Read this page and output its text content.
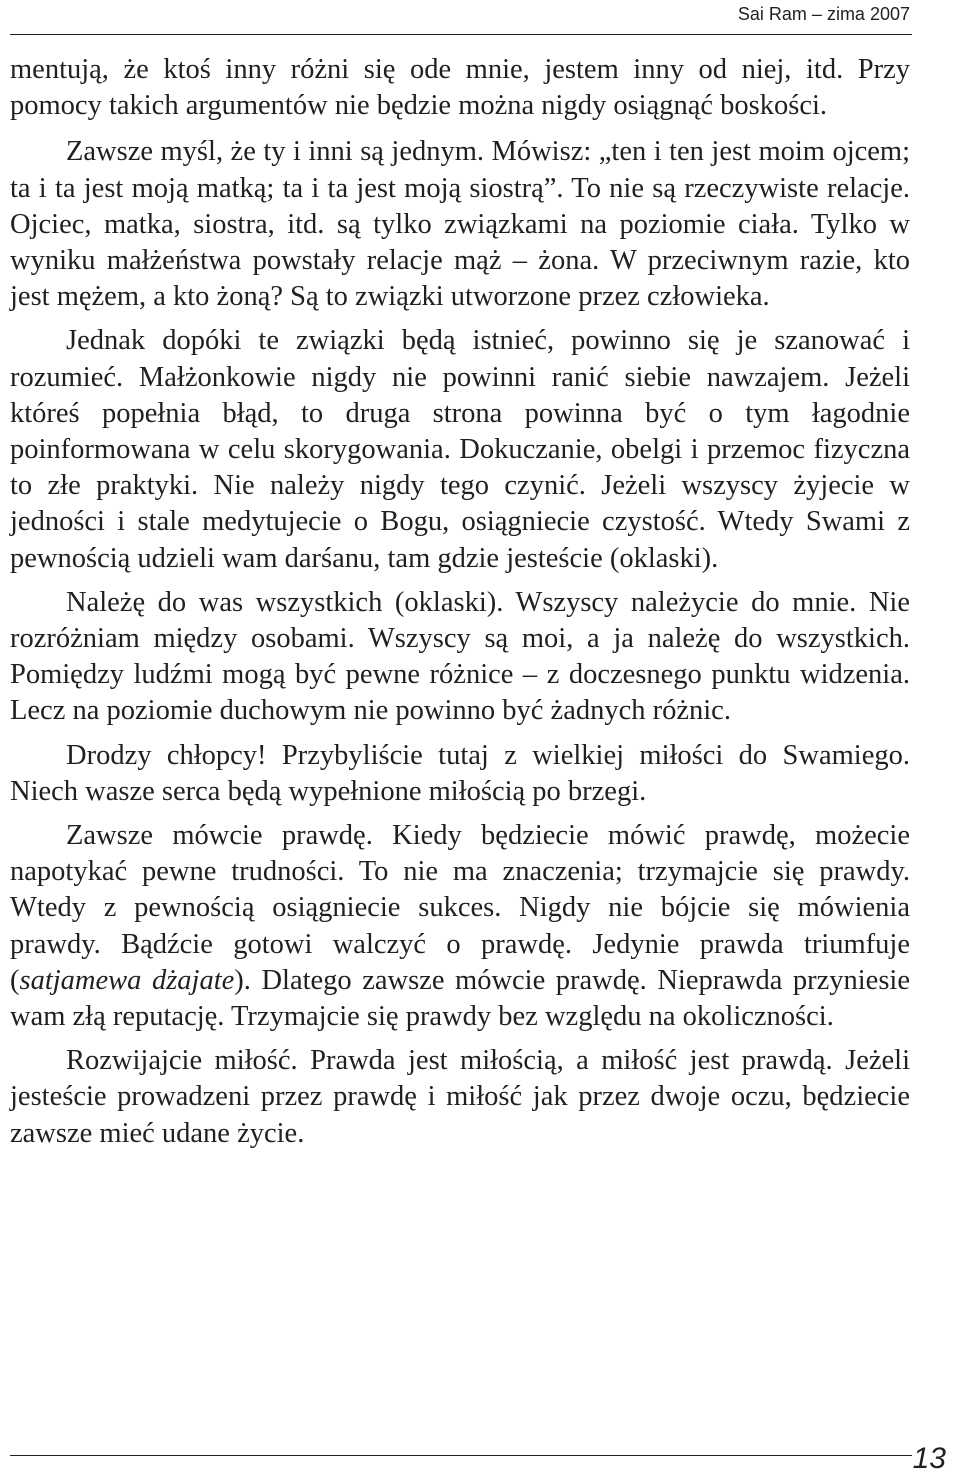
Sai Ram – zima 2007

mentują, że ktoś inny różni się ode mnie, jestem inny od niej, itd. Przy pomocy takich argumentów nie będzie można nigdy osiągnąć boskości.

Zawsze myśl, że ty i inni są jednym. Mówisz: „ten i ten jest moim ojcem; ta i ta jest moją matką; ta i ta jest moją siostrą”. To nie są rzeczywiste relacje. Ojciec, matka, siostra, itd. są tylko związkami na poziomie ciała. Tylko w wyniku małżeństwa powstały relacje mąż – żona. W przeciwnym razie, kto jest mężem, a kto żoną? Są to związki utworzone przez człowieka.

Jednak dopóki te związki będą istnieć, powinno się je szanować i rozumieć. Małżonkowie nigdy nie powinni ranić siebie nawzajem. Jeżeli któreś popełnia błąd, to druga strona powinna być o tym łagodnie poinformowana w celu skorygowania. Dokuczanie, obelgi i przemoc fizyczna to złe praktyki. Nie należy nigdy tego czynić. Jeżeli wszyscy żyjecie w jedności i stale medytujecie o Bogu, osiągniecie czystość. Wtedy Swami z pewnością udzieli wam darśanu, tam gdzie jesteście (oklaski).

Należę do was wszystkich (oklaski). Wszyscy należycie do mnie. Nie rozróżniam między osobami. Wszyscy są moi, a ja należę do wszystkich. Pomiędzy ludźmi mogą być pewne różnice – z doczesnego punktu widzenia. Lecz na poziomie duchowym nie powinno być żadnych różnic.

Drodzy chłopcy! Przybyliście tutaj z wielkiej miłości do Swamiego. Niech wasze serca będą wypełnione miłością po brzegi.

Zawsze mówcie prawdę. Kiedy będziecie mówić prawdę, możecie napotykać pewne trudności. To nie ma znaczenia; trzymajcie się prawdy. Wtedy z pewnością osiągniecie sukces. Nigdy nie bójcie się mówienia prawdy. Bądźcie gotowi walczyć o prawdę. Jedynie prawda triumfuje (satjamewa dżajate). Dlatego zawsze mówcie prawdę. Nieprawda przyniesie wam złą reputację. Trzymajcie się prawdy bez względu na okoliczności.

Rozwijajcie miłość. Prawda jest miłością, a miłość jest prawdą. Jeżeli jesteście prowadzeni przez prawdę i miłość jak przez dwoje oczu, będziecie zawsze mieć udane życie.

13
